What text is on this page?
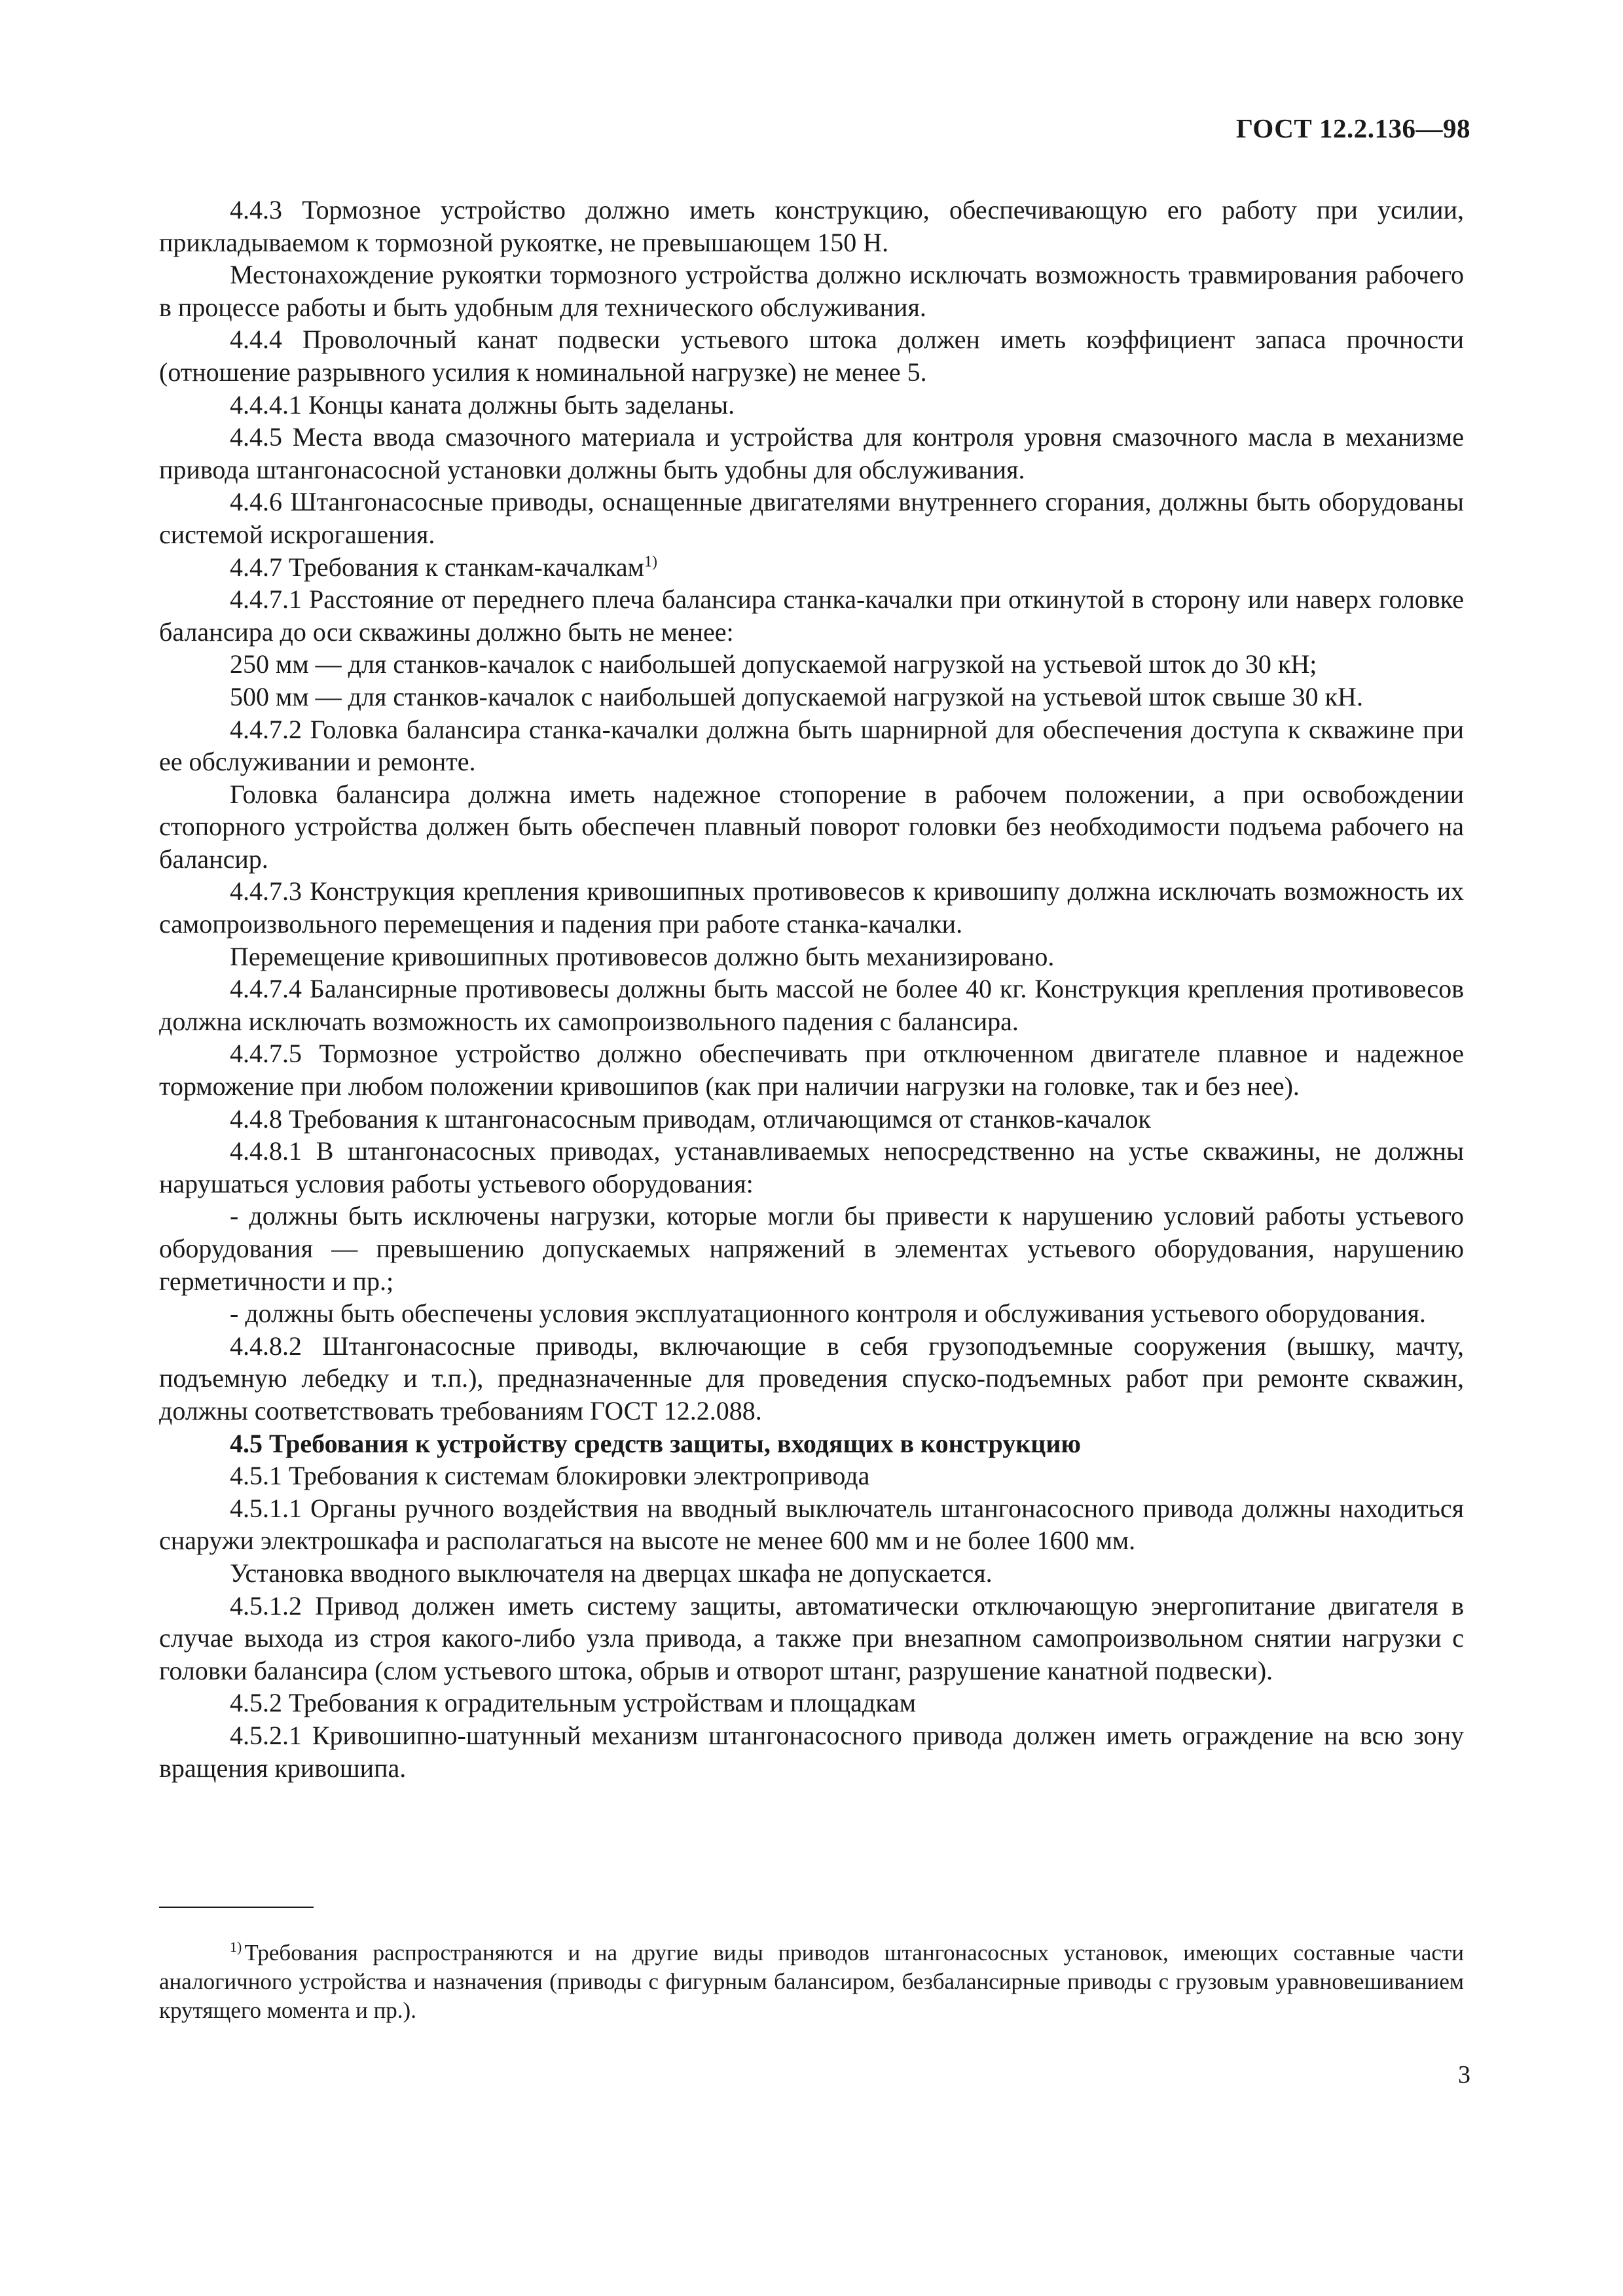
ГОСТ 12.2.136—98

4.4.3 Тормозное устройство должно иметь конструкцию, обеспечивающую его работу при усилии, прикладываемом к тормозной рукоятке, не превышающем 150 Н.

Местонахождение рукоятки тормозного устройства должно исключать возможность травмирования рабочего в процессе работы и быть удобным для технического обслуживания.

4.4.4 Проволочный канат подвески устьевого штока должен иметь коэффициент запаса прочности (отношение разрывного усилия к номинальной нагрузке) не менее 5.

4.4.4.1 Концы каната должны быть заделаны.

4.4.5 Места ввода смазочного материала и устройства для контроля уровня смазочного масла в механизме привода штангонасосной установки должны быть удобны для обслуживания.

4.4.6 Штангонасосные приводы, оснащенные двигателями внутреннего сгорания, должны быть оборудованы системой искрогашения.

4.4.7 Требования к станкам-качалкам$^{1)}$

4.4.7.1 Расстояние от переднего плеча балансира станка-качалки при откинутой в сторону или наверх головке балансира до оси скважины должно быть не менее:

250 мм — для станков-качалок с наибольшей допускаемой нагрузкой на устьевой шток до 30 кН;

500 мм — для станков-качалок с наибольшей допускаемой нагрузкой на устьевой шток свыше 30 кН.

4.4.7.2 Головка балансира станка-качалки должна быть шарнирной для обеспечения доступа к скважине при ее обслуживании и ремонте.

Головка балансира должна иметь надежное стопорение в рабочем положении, а при освобождении стопорного устройства должен быть обеспечен плавный поворот головки без необходимости подъема рабочего на балансир.

4.4.7.3 Конструкция крепления кривошипных противовесов к кривошипу должна исключать возможность их самопроизвольного перемещения и падения при работе станка-качалки.

Перемещение кривошипных противовесов должно быть механизировано.

4.4.7.4 Балансирные противовесы должны быть массой не более 40 кг. Конструкция крепления противовесов должна исключать возможность их самопроизвольного падения с балансира.

4.4.7.5 Тормозное устройство должно обеспечивать при отключенном двигателе плавное и надежное торможение при любом положении кривошипов (как при наличии нагрузки на головке, так и без нее).

4.4.8 Требования к штангонасосным приводам, отличающимся от станков-качалок

4.4.8.1 В штангонасосных приводах, устанавливаемых непосредственно на устье скважины, не должны нарушаться условия работы устьевого оборудования:

- должны быть исключены нагрузки, которые могли бы привести к нарушению условий работы устьевого оборудования — превышению допускаемых напряжений в элементах устьевого оборудования, нарушению герметичности и пр.;

- должны быть обеспечены условия эксплуатационного контроля и обслуживания устьевого оборудования.

4.4.8.2 Штангонасосные приводы, включающие в себя грузоподъемные сооружения (вышку, мачту, подъемную лебедку и т.п.), предназначенные для проведения спуско-подъемных работ при ремонте скважин, должны соответствовать требованиям ГОСТ 12.2.088.

4.5 Требования к устройству средств защиты, входящих в конструкцию

4.5.1 Требования к системам блокировки электропривода

4.5.1.1 Органы ручного воздействия на вводный выключатель штангонасосного привода должны находиться снаружи электрошкафа и располагаться на высоте не менее 600 мм и не более 1600 мм.

Установка вводного выключателя на дверцах шкафа не допускается.

4.5.1.2 Привод должен иметь систему защиты, автоматически отключающую энергопитание двигателя в случае выхода из строя какого-либо узла привода, а также при внезапном самопроизвольном снятии нагрузки с головки балансира (слом устьевого штока, обрыв и отворот штанг, разрушение канатной подвески).

4.5.2 Требования к оградительным устройствам и площадкам

4.5.2.1 Кривошипно-шатунный механизм штангонасосного привода должен иметь ограждение на всю зону вращения кривошипа.

$^{1)}$ Требования распространяются и на другие виды приводов штангонасосных установок, имеющих составные части аналогичного устройства и назначения (приводы с фигурным балансиром, безбалансирные приводы с грузовым уравновешиванием крутящего момента и пр.).

3
